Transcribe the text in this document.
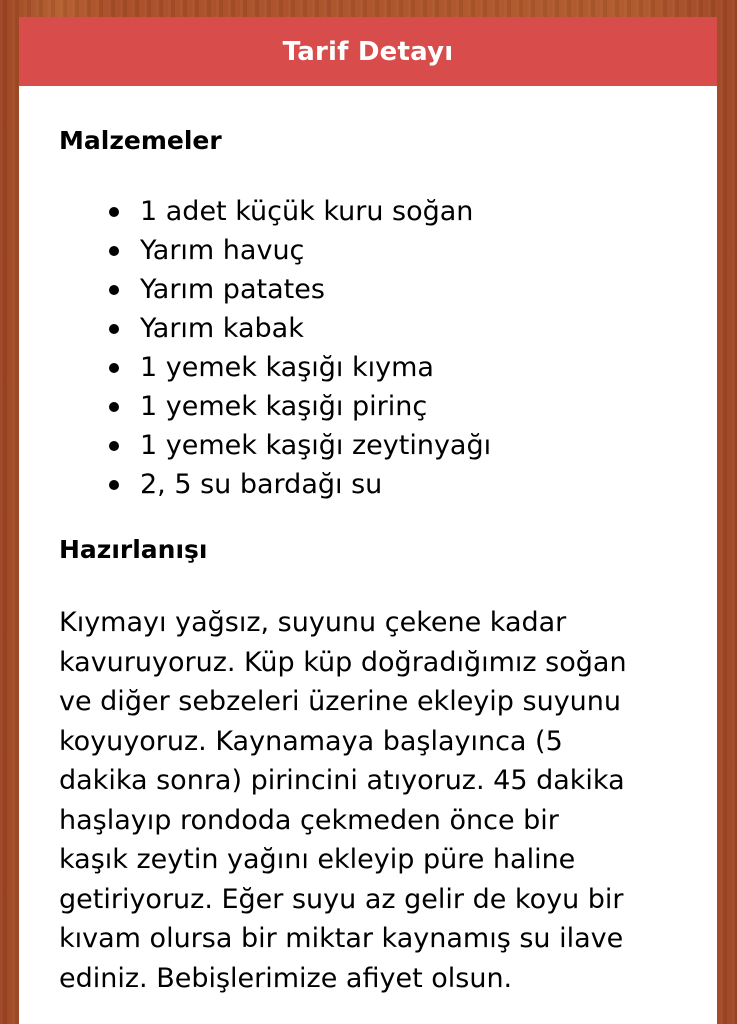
Tarif Detayı
Malzemeler
1 adet küçük kuru soğan
Yarım havuç
Yarım patates
Yarım kabak
1 yemek kaşığı kıyma
1 yemek kaşığı pirinç
1 yemek kaşığı zeytinyağı
2, 5 su bardağı su
Hazırlanışı

Kıymayı yağsız, suyunu çekene kadar
kavuruyoruz. Küp küp doğradığımız soğan
ve diğer sebzeleri üzerine ekleyip suyunu
koyuyoruz. Kaynamaya başlayınca (5
dakika sonra) pirincini atıyoruz. 45 dakika
haşlayıp rondoda çekmeden önce bir
kaşık zeytin yağını ekleyip püre haline
getiriyoruz. Eğer suyu az gelir de koyu bir
kıvam olursa bir miktar kaynamış su ilave
ediniz. Bebişlerimize afiyet olsun.
